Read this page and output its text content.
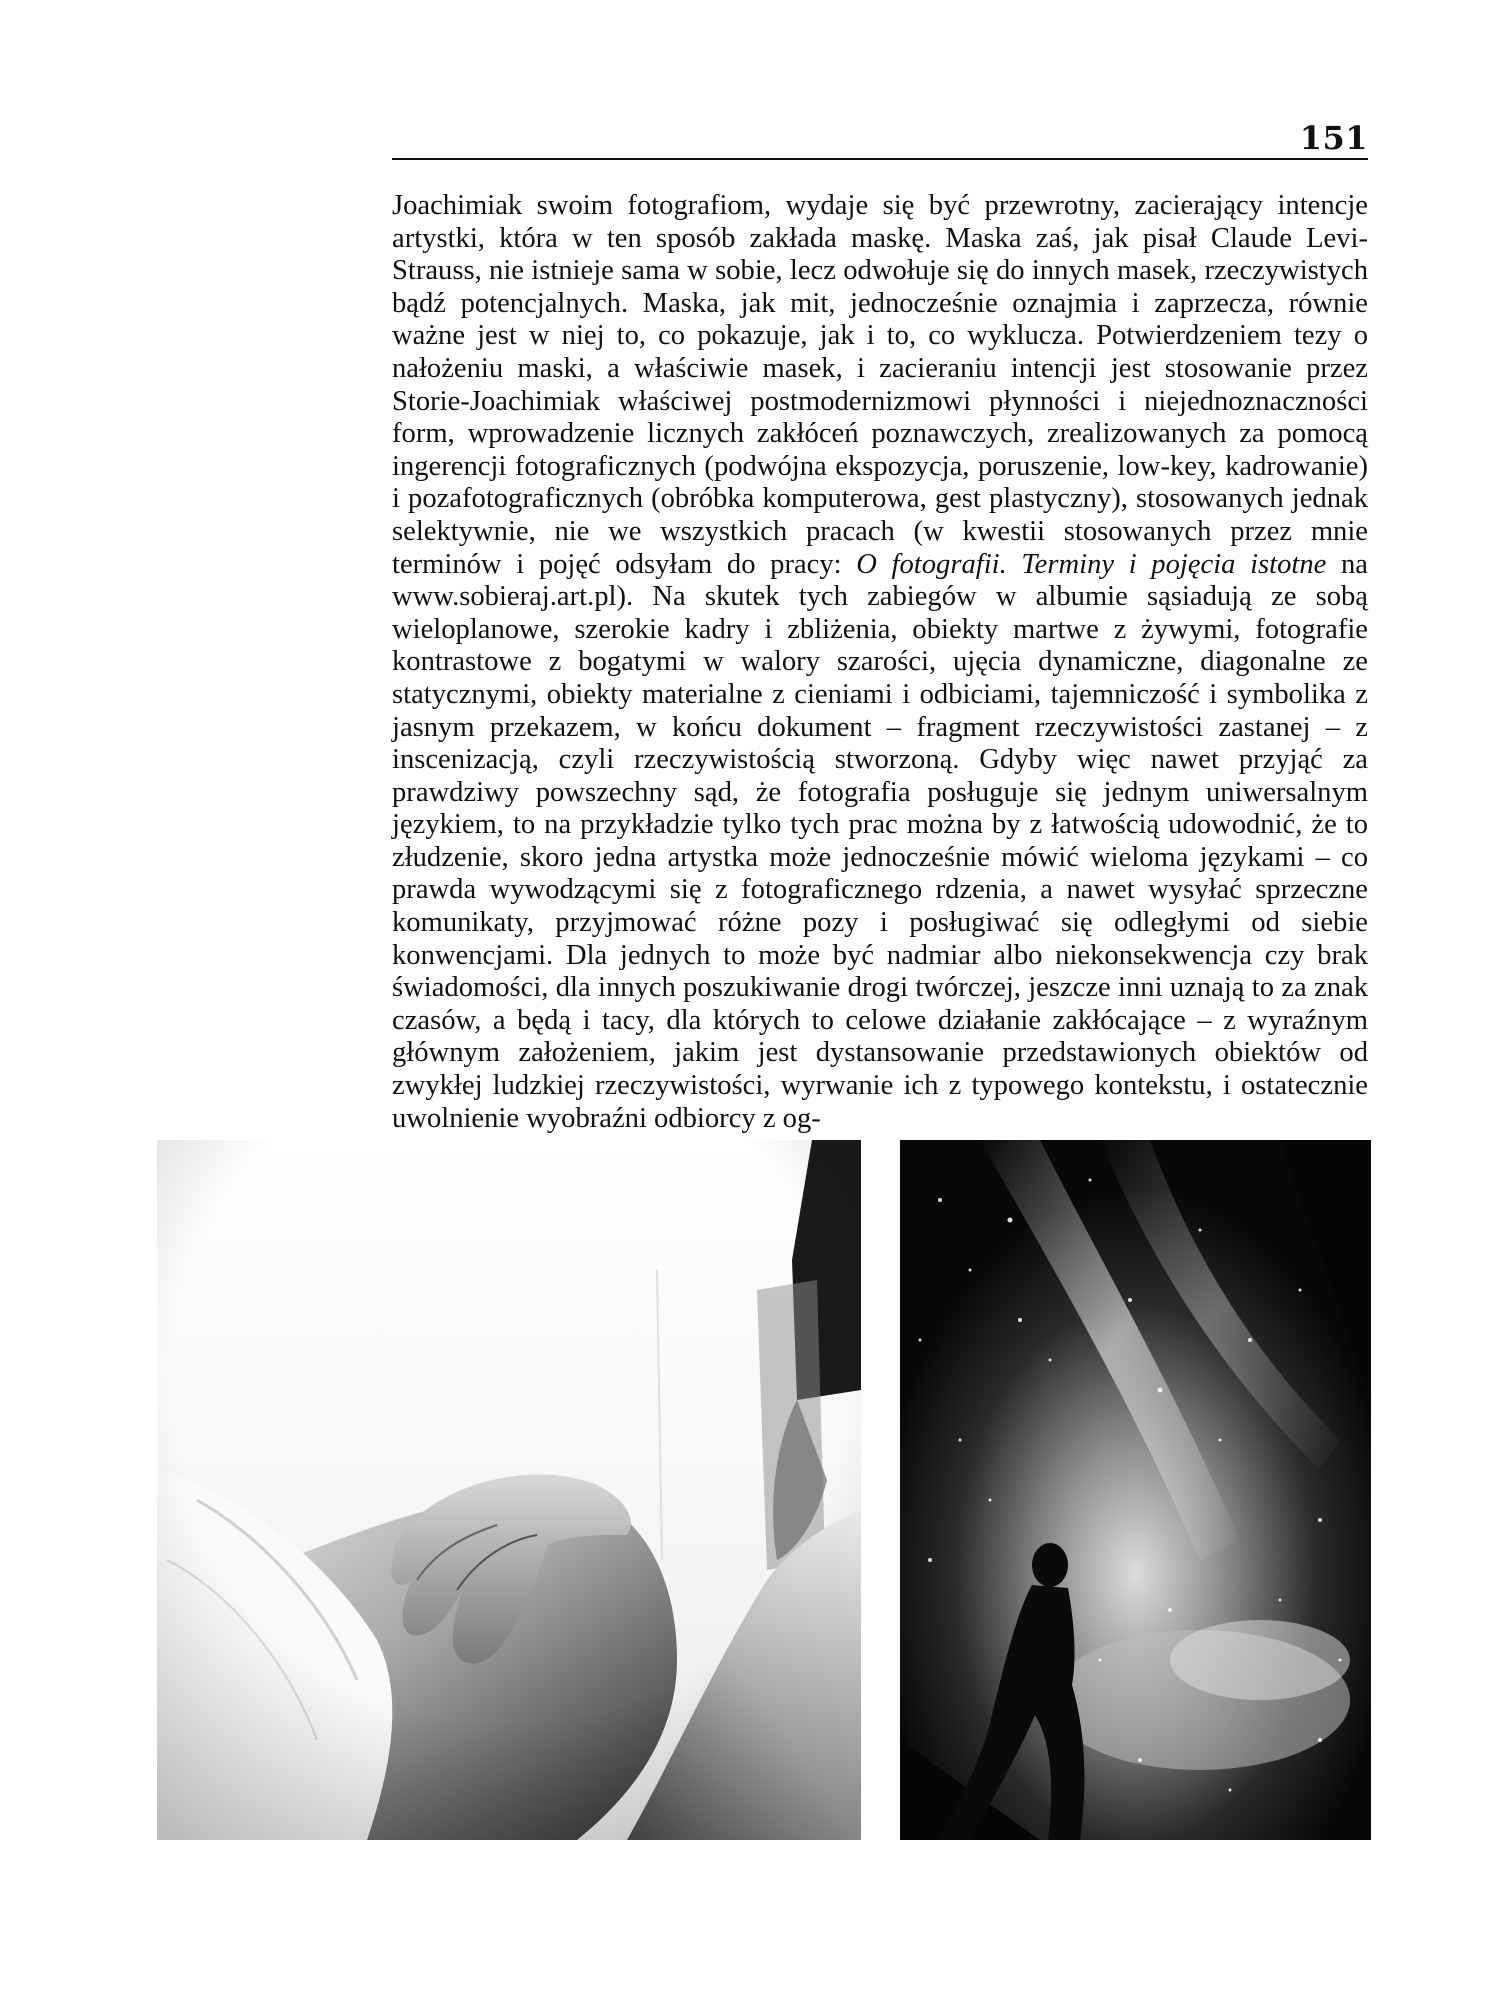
151

Joachimiak swoim fotografiom, wydaje się być przewrotny, zacierający intencje artystki, która w ten sposób zakłada maskę. Maska zaś, jak pisał Claude Levi-Strauss, nie istnieje sama w sobie, lecz odwołuje się do innych masek, rzeczywistych bądź potencjalnych. Maska, jak mit, jednocześnie oznajmia i zaprzecza, równie ważne jest w niej to, co pokazuje, jak i to, co wyklucza. Potwierdzeniem tezy o nałożeniu maski, a właściwie masek, i zacieraniu intencji jest stosowanie przez Storie-Joachimiak właściwej postmodernizmowi płynności i niejednoznaczności form, wprowadzenie licznych zakłóceń poznawczych, zrealizowanych za pomocą ingerencji fotograficznych (podwójna ekspozycja, poruszenie, low-key, kadrowanie) i pozafotograficznych (obróbka komputerowa, gest plastyczny), stosowanych jednak selektywnie, nie we wszystkich pracach (w kwestii stosowanych przez mnie terminów i pojęć odsyłam do pracy: O fotografii. Terminy i pojęcia istotne na www.sobieraj.art.pl). Na skutek tych zabiegów w albumie sąsiadują ze sobą wieloplanowe, szerokie kadry i zbliżenia, obiekty martwe z żywymi, fotografie kontrastowe z bogatymi w walory szarości, ujęcia dynamiczne, diagonalne ze statycznymi, obiekty materialne z cieniami i odbiciami, tajemniczość i symbolika z jasnym przekazem, w końcu dokument – fragment rzeczywistości zastanej – z inscenizacją, czyli rzeczywistością stworzoną. Gdyby więc nawet przyjąć za prawdziwy powszechny sąd, że fotografia posługuje się jednym uniwersalnym językiem, to na przykładzie tylko tych prac można by z łatwością udowodnić, że to złudzenie, skoro jedna artystka może jednocześnie mówić wieloma językami – co prawda wywodzącymi się z fotograficznego rdzenia, a nawet wysyłać sprzeczne komunikaty, przyjmować różne pozy i posługiwać się odległymi od siebie konwencjami. Dla jednych to może być nadmiar albo niekonsekwencja czy brak świadomości, dla innych poszukiwanie drogi twórczej, jeszcze inni uznają to za znak czasów, a będą i tacy, dla których to celowe działanie zakłócające – z wyraźnym głównym założeniem, jakim jest dystansowanie przedstawionych obiektów od zwykłej ludzkiej rzeczywistości, wyrwanie ich z typowego kontekstu, i ostatecznie uwolnienie wyobraźni odbiorcy z og-
